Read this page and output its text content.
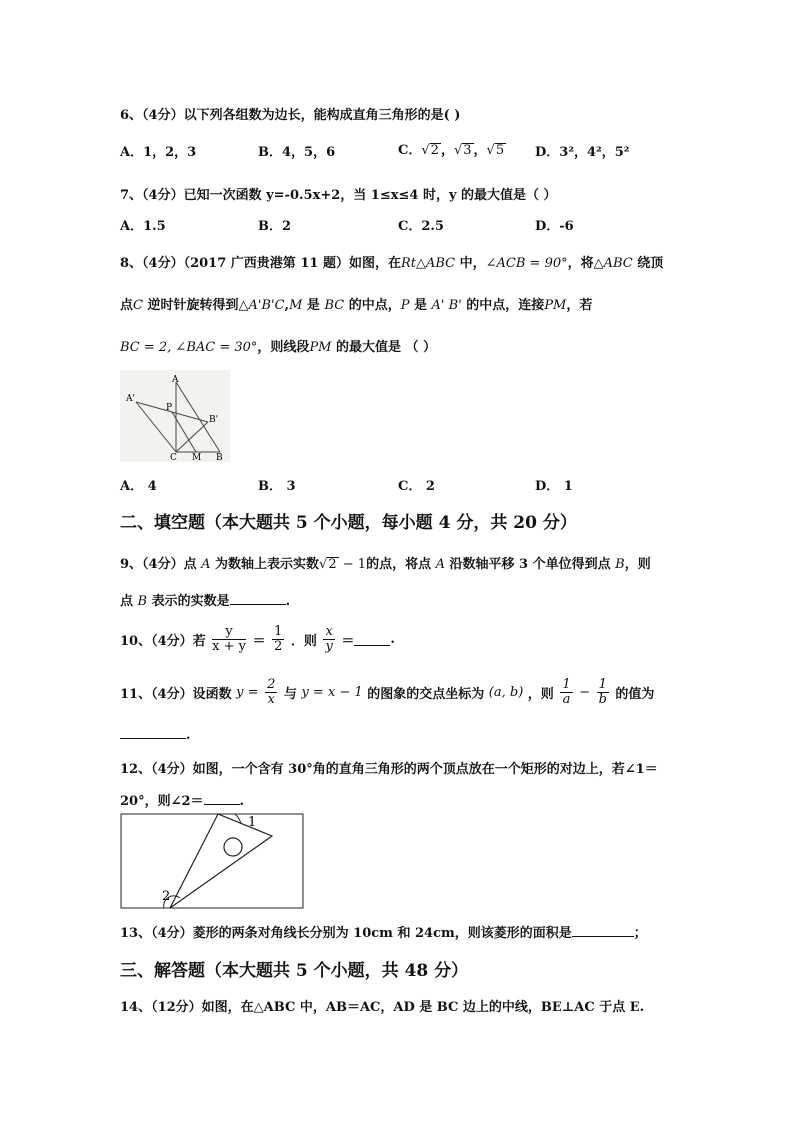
6、（4分）以下列各组数为边长，能构成直角三角形的是( )
A．1，2，3	B．4，5，6	C．√2 ，√3 ，√5 D．3²，4²，5²
7、（4分）已知一次函数 y=-0.5x+2，当 1≤x≤4 时，y 的最大值是（ ）
A．1.5	B．2	C．2.5	D．-6
8、（4分）（2017 广西贵港第 11 题）如图，在Rt△ABC 中，∠ACB = 90°，将△ABC 绕顶
点C 逆时针旋转得到△A'B'C,M 是 BC 的中点，P 是 A' B' 的中点，连接PM，若
BC = 2, ∠BAC = 30°，则线段PM 的最大值是 （ ）
A
A'
P
B'
C M B
A． 4	B． 3	C． 2	D． 1
二、填空题（本大题共 5 个小题，每小题 4 分，共 20 分）
9、（4分）点 A 为数轴上表示实数√2 − 1的点，将点 A 沿数轴平移 3 个单位得到点 B，则
点 B 表示的实数是	.
10、（4分）若 $\frac{y}{x + y} = \frac{1}{2}$ ．则 $\frac{x}{y}$ ＝	.
11、（4分）设函数 $y = \frac{2}{x}$ 与 y = x − 1 的图象的交点坐标为 (a, b) ，则 $\frac{1}{a} - \frac{1}{b}$ 的值为
.
12、（4分）如图，一个含有 30°角的直角三角形的两个顶点放在一个矩形的对边上，若∠1＝
20°，则∠2＝	.
1
2
13、（4分）菱形的两条对角线长分别为 10cm 和 24cm，则该菱形的面积是	；
三、解答题（本大题共 5 个小题，共 48 分）
14、（12分）如图，在△ABC 中，AB＝AC，AD 是 BC 边上的中线，BE⊥AC 于点 E.
